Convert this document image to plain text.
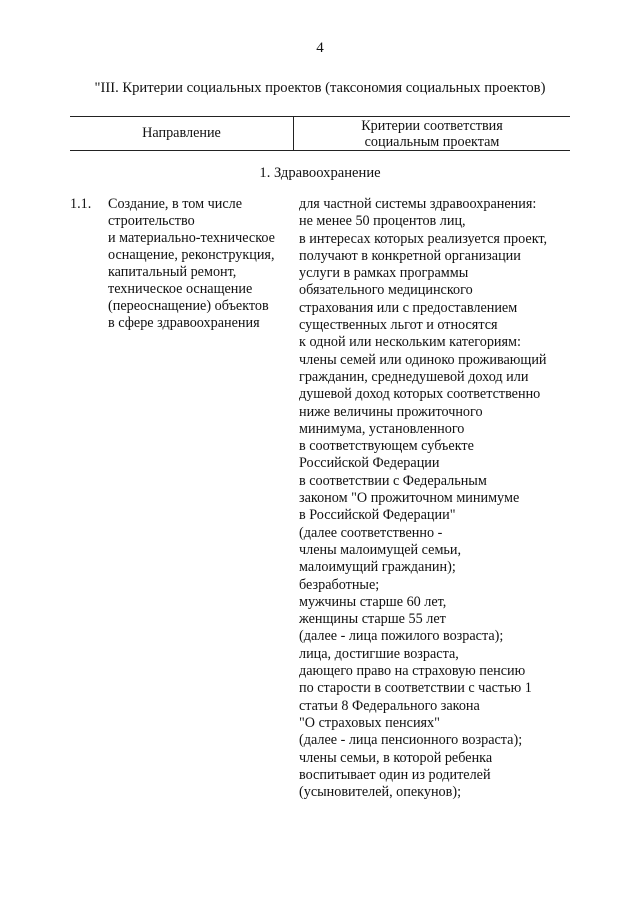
4
"III. Критерии социальных проектов (таксономия социальных проектов)
Направление	Критерии соответствия
социальным проектам
1. Здравоохранение
1.1. Создание, в том числе
строительство
и материально-техническое
оснащение, реконструкция,
капитальный ремонт,
техническое оснащение
(переоснащение) объектов
в сфере здравоохранения
для частной системы здравоохранения:
не менее 50 процентов лиц,
в интересах которых реализуется проект,
получают в конкретной организации
услуги в рамках программы
обязательного медицинского
страхования или с предоставлением
существенных льгот и относятся
к одной или нескольким категориям:
члены семей или одиноко проживающий
гражданин, среднедушевой доход или
душевой доход которых соответственно
ниже величины прожиточного
минимума, установленного
в соответствующем субъекте
Российской Федерации
в соответствии с Федеральным
законом "О прожиточном минимуме
в Российской Федерации"
(далее соответственно -
члены малоимущей семьи,
малоимущий гражданин);
безработные;
мужчины старше 60 лет,
женщины старше 55 лет
(далее - лица пожилого возраста);
лица, достигшие возраста,
дающего право на страховую пенсию
по старости в соответствии с частью 1
статьи 8 Федерального закона
"О страховых пенсиях"
(далее - лица пенсионного возраста);
члены семьи, в которой ребенка
воспитывает один из родителей
(усыновителей, опекунов);
